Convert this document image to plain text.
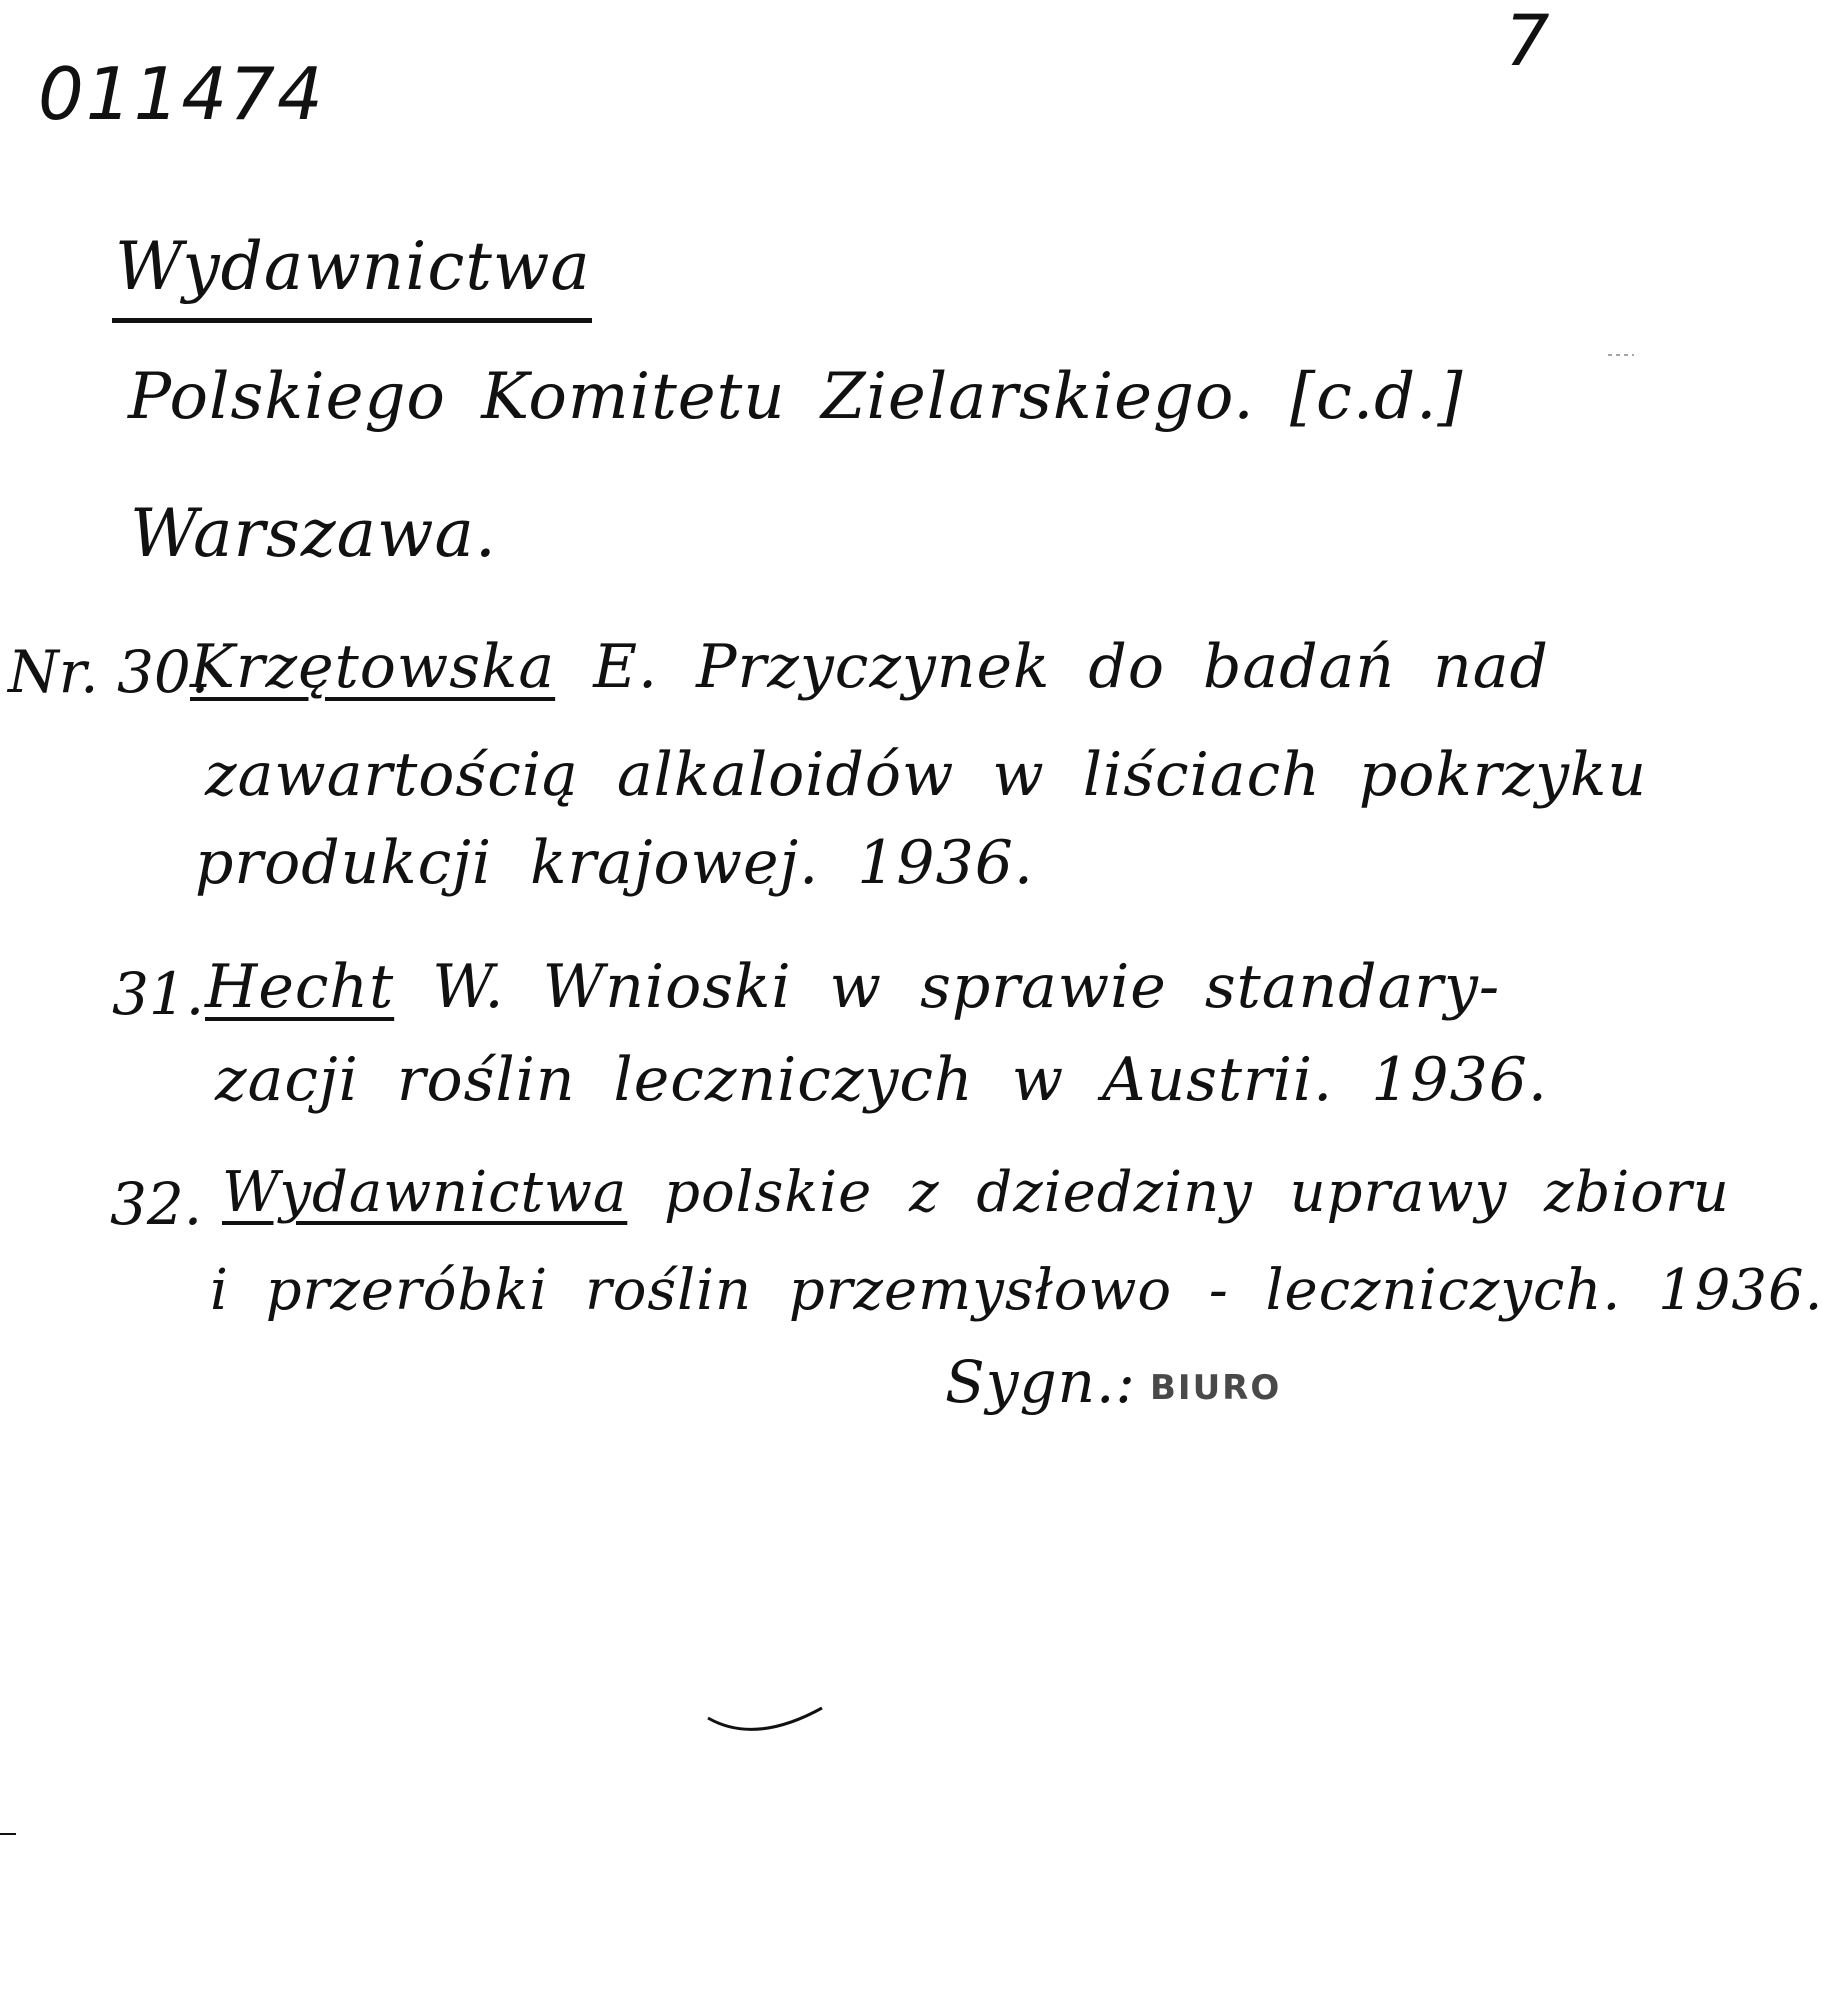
011474
7
Wydawnictwa
Polskiego Komitetu Zielarskiego. [c.d.]
Warszawa.
Nr. 30.
Krzętowska E. Przyczynek do badań nad
zawartością alkaloidów w liściach pokrzyku
produkcji krajowej. 1936.
31. Hecht W. Wnioski w sprawie standary-
zacji roślin leczniczych w Austrii. 1936.
32. Wydawnictwa polskie z dziedziny uprawy zbioru
i przeróbki roślin przemysłowo - leczniczych. 1936.
Sygn.: BIURO
